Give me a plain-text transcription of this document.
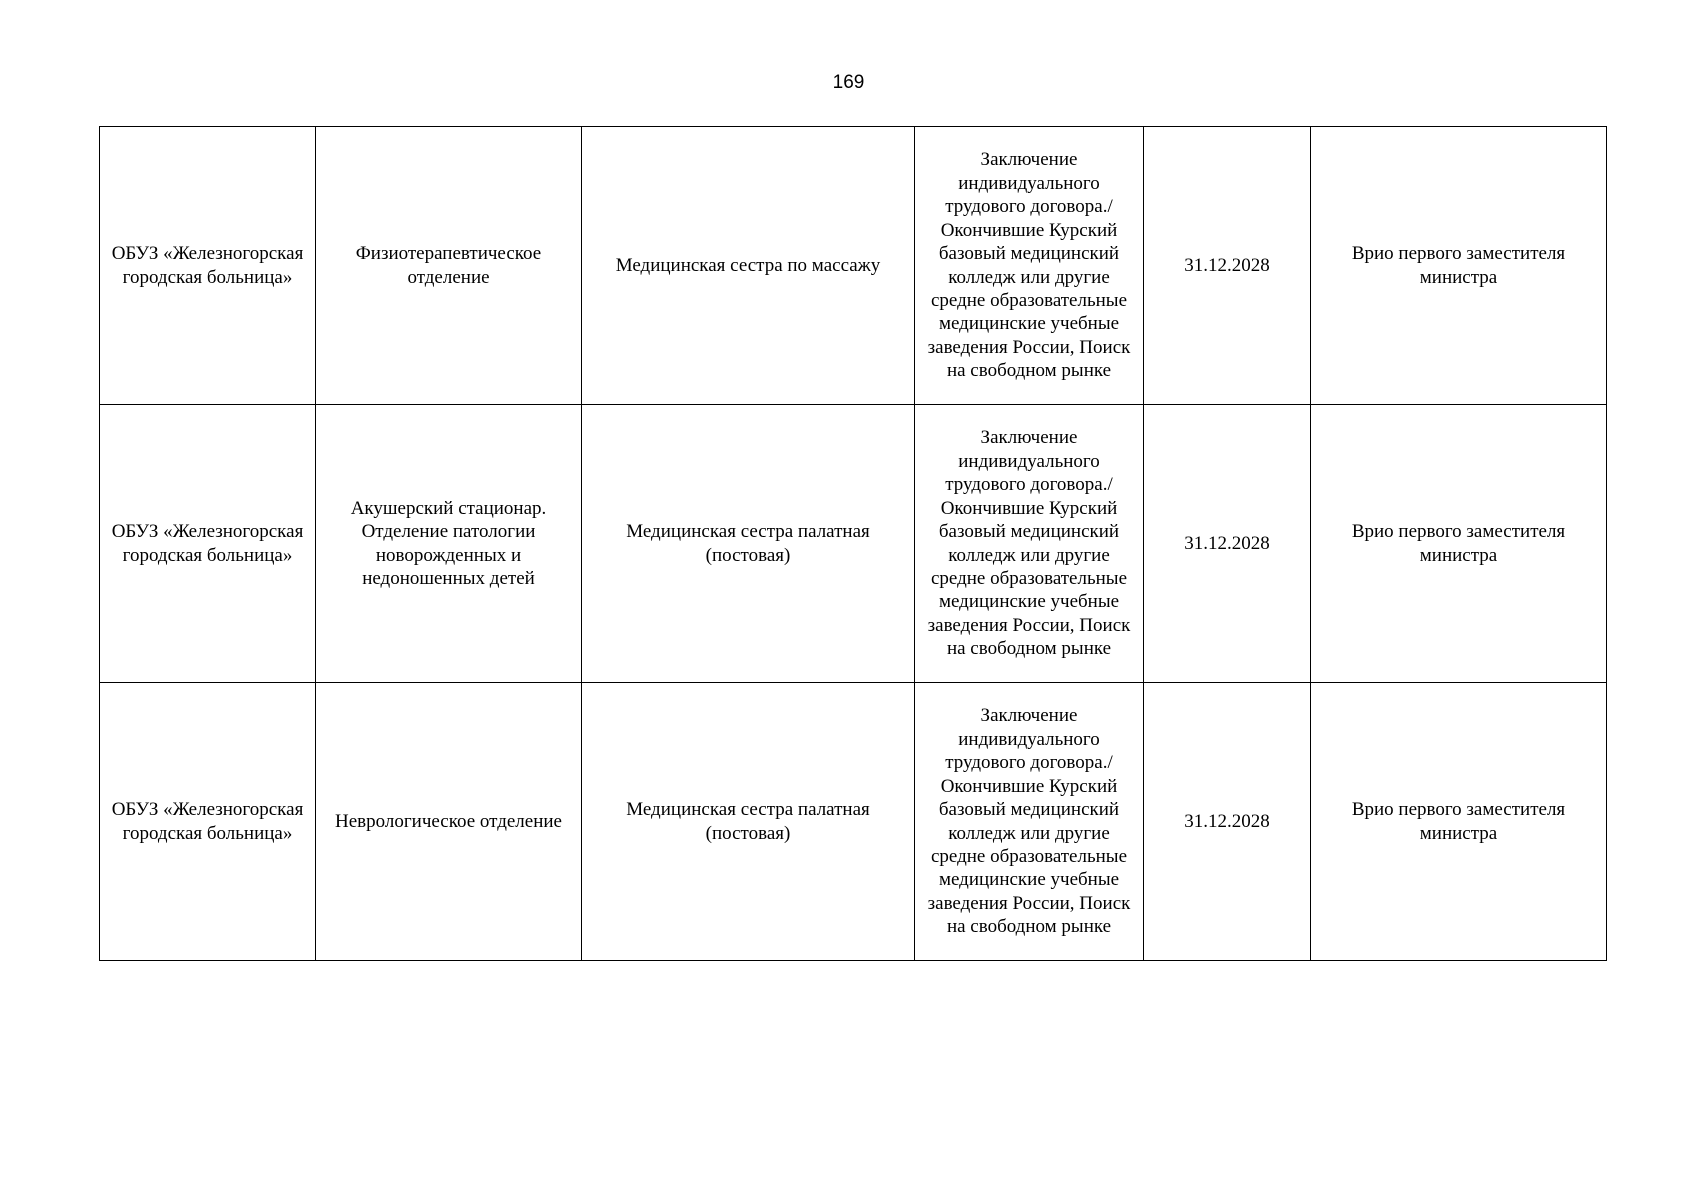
169
ОБУЗ «Железногорская городская больница»	Физиотерапевтическое отделение	Медицинская сестра по массажу	Заключение индивидуального трудового договора./ Окончившие Курский базовый медицинский колледж или другие средне образовательные медицинские учебные заведения России, Поиск на свободном рынке	31.12.2028	Врио первого заместителя министра
ОБУЗ «Железногорская городская больница»	Акушерский стационар. Отделение патологии новорожденных и недоношенных детей	Медицинская сестра палатная (постовая)	Заключение индивидуального трудового договора./ Окончившие Курский базовый медицинский колледж или другие средне образовательные медицинские учебные заведения России, Поиск на свободном рынке	31.12.2028	Врио первого заместителя министра
ОБУЗ «Железногорская городская больница»	Неврологическое отделение	Медицинская сестра палатная (постовая)	Заключение индивидуального трудового договора./ Окончившие Курский базовый медицинский колледж или другие средне образовательные медицинские учебные заведения России, Поиск на свободном рынке	31.12.2028	Врио первого заместителя министра
